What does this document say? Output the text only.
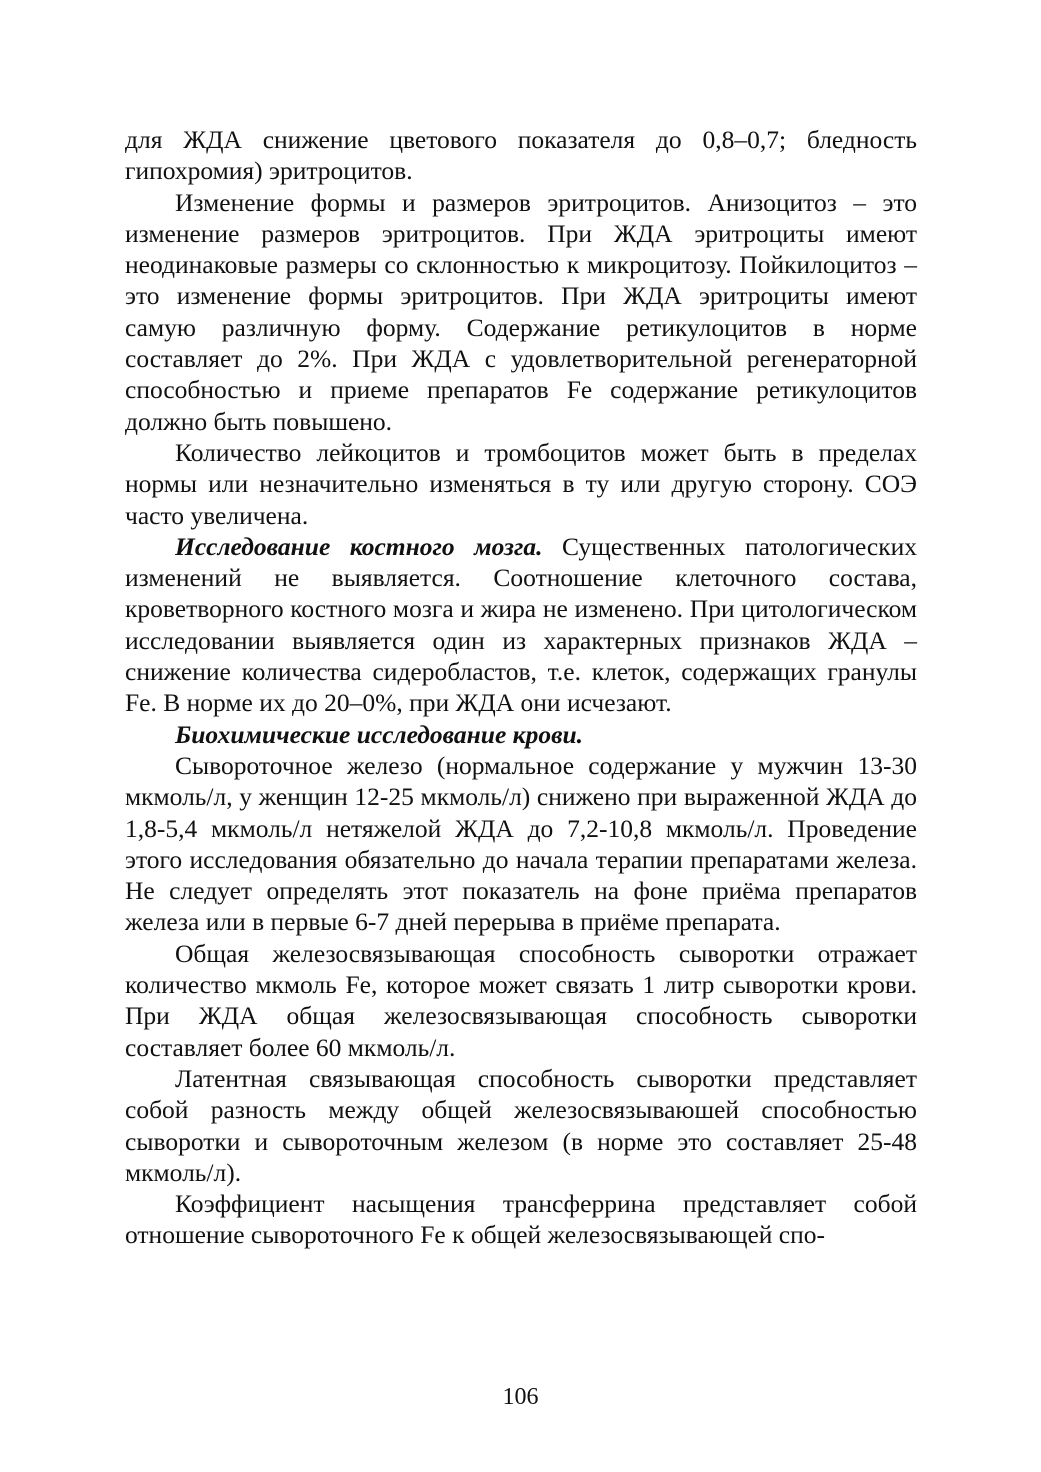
для ЖДА снижение цветового показателя до 0,8–0,7; бледность гипохромия) эритроцитов.

Изменение формы и размеров эритроцитов. Анизоцитоз – это изменение размеров эритроцитов. При ЖДА эритроциты имеют неодинаковые размеры со склонностью к микроцитозу. Пойкилоцитоз – это изменение формы эритроцитов. При ЖДА эритроциты имеют самую различную форму. Содержание ретикулоцитов в норме составляет до 2%. При ЖДА с удовлетворительной регенераторной способностью и приеме препаратов Fe содержание ретикулоцитов должно быть повышено.

Количество лейкоцитов и тромбоцитов может быть в пределах нормы или незначительно изменяться в ту или другую сторону. СОЭ часто увеличена.

Исследование костного мозга. Существенных патологических изменений не выявляется. Соотношение клеточного состава, кроветворного костного мозга и жира не изменено. При цитологическом исследовании выявляется один из характерных признаков ЖДА – снижение количества сидеробластов, т.е. клеток, содержащих гранулы Fe. В норме их до 20–0%, при ЖДА они исчезают.

Биохимические исследование крови.

Сывороточное железо (нормальное содержание у мужчин 13-30 мкмоль/л, у женщин 12-25 мкмоль/л) снижено при выраженной ЖДА до 1,8-5,4 мкмоль/л нетяжелой ЖДА до 7,2-10,8 мкмоль/л. Проведение этого исследования обязательно до начала терапии препаратами железа. Не следует определять этот показатель на фоне приёма препаратов железа или в первые 6-7 дней перерыва в приёме препарата.

Общая железосвязывающая способность сыворотки отражает количество мкмоль Fe, которое может связать 1 литр сыворотки крови. При ЖДА общая железосвязывающая способность сыворотки составляет более 60 мкмоль/л.

Латентная связывающая способность сыворотки представляет собой разность между общей железосвязываюшей способностью сыворотки и сывороточным железом (в норме это составляет 25-48 мкмоль/л).

Коэффициент насыщения трансферрина представляет собой отношение сывороточного Fe к общей железосвязывающей спо-

106
